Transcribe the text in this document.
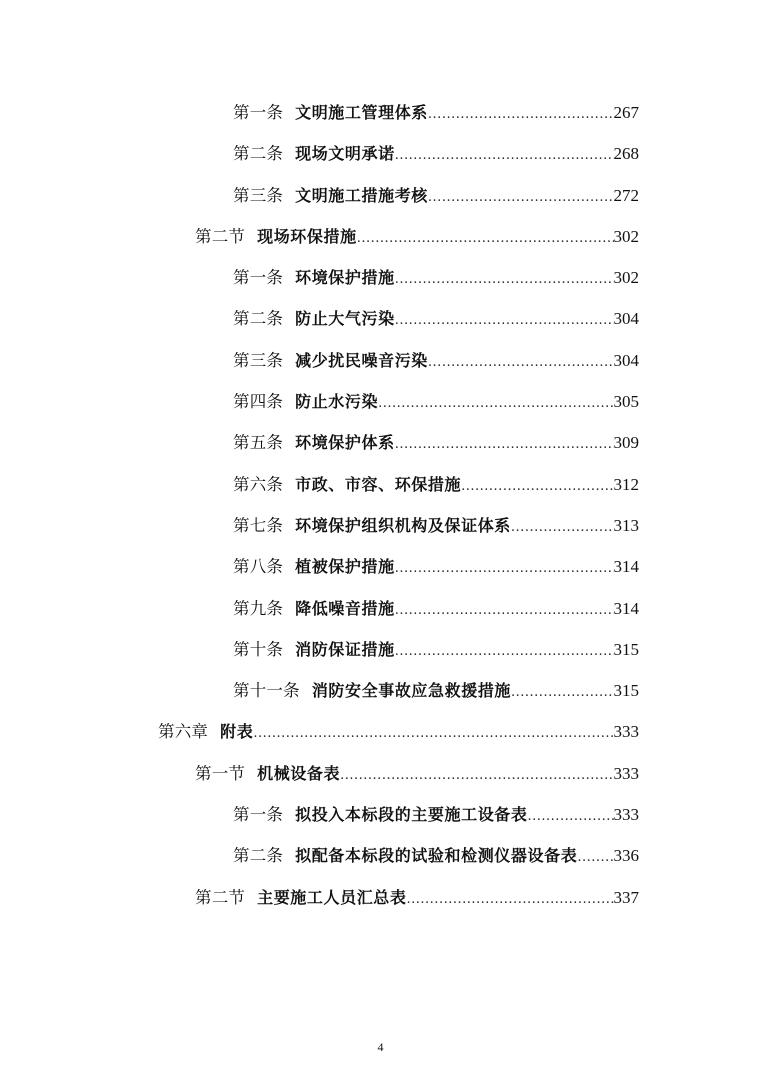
第一条 文明施工管理体系 .....	267
第二条 现场文明承诺 .....	268
第三条 文明施工措施考核 .....	272
第二节 现场环保措施 .....	302
第一条 环境保护措施 .....	302
第二条 防止大气污染 .....	304
第三条 减少扰民噪音污染 .....	304
第四条 防止水污染 .....	305
第五条 环境保护体系 .....	309
第六条 市政、市容、环保措施 .....	312
第七条 环境保护组织机构及保证体系 .....	313
第八条 植被保护措施 .....	314
第九条 降低噪音措施 .....	314
第十条 消防保证措施 .....	315
第十一条 消防安全事故应急救援措施 .....	315
第六章 附表 .....	333
第一节 机械设备表 .....	333
第一条 拟投入本标段的主要施工设备表 .....	333
第二条 拟配备本标段的试验和检测仪器设备表 ..... 336
第二节 主要施工人员汇总表 .....	337
4
